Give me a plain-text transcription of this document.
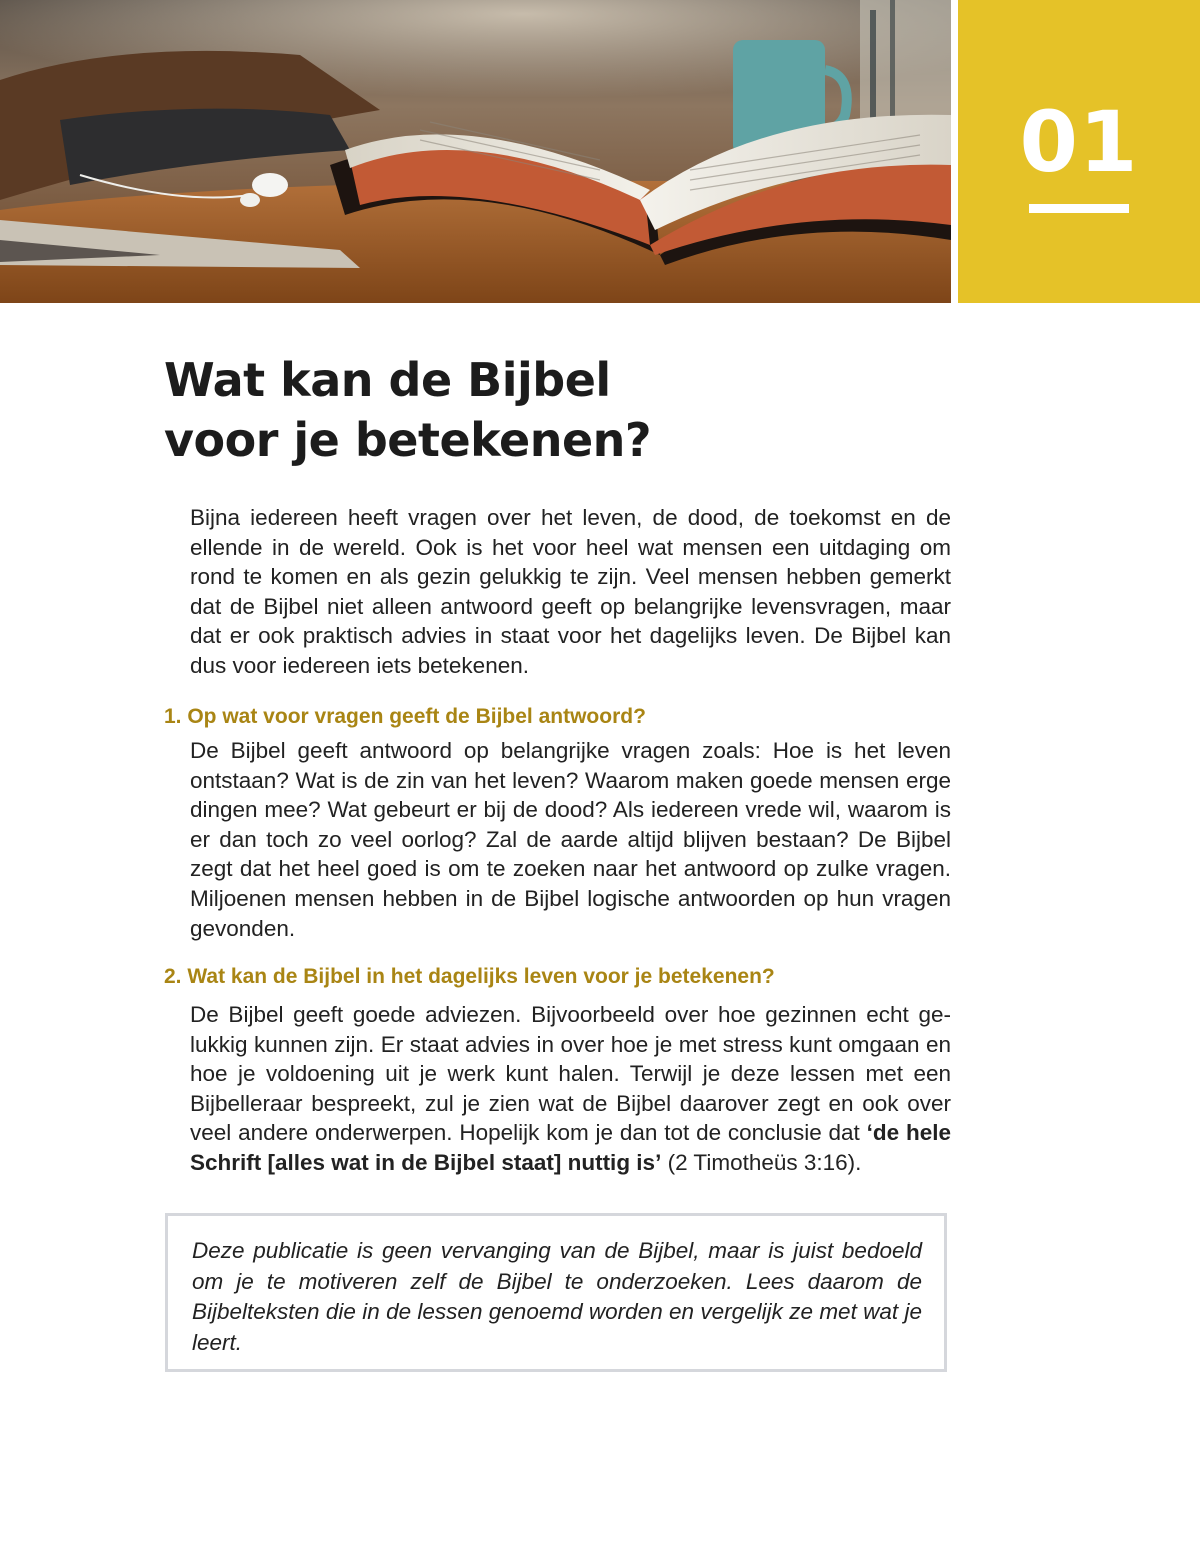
01
Wat kan de Bijbel
voor je betekenen?

Bijna iedereen heeft vragen over het leven, de dood, de toekomst en de ellende in de wereld. Ook is het voor heel wat mensen een uitdaging om rond te komen en als gezin gelukkig te zijn. Veel mensen hebben gemerkt dat de Bijbel niet alleen antwoord geeft op belangrijke levensvragen, maar dat er ook praktisch advies in staat voor het dagelijks leven. De Bijbel kan dus voor iedereen iets betekenen.

1. Op wat voor vragen geeft de Bijbel antwoord?

De Bijbel geeft antwoord op belangrijke vragen zoals: Hoe is het leven ontstaan? Wat is de zin van het leven? Waarom maken goede mensen erge dingen mee? Wat gebeurt er bij de dood? Als iedereen vrede wil, waarom is er dan toch zo veel oorlog? Zal de aarde altijd blijven bestaan? De Bijbel zegt dat het heel goed is om te zoeken naar het antwoord op zulke vragen. Miljoenen mensen hebben in de Bijbel logische antwoorden op hun vragen gevonden.

2. Wat kan de Bijbel in het dagelijks leven voor je betekenen?

De Bijbel geeft goede adviezen. Bijvoorbeeld over hoe gezinnen echt gelukkig kunnen zijn. Er staat advies in over hoe je met stress kunt omgaan en hoe je voldoening uit je werk kunt halen. Terwijl je deze lessen met een Bijbelleraar bespreekt, zul je zien wat de Bijbel daarover zegt en ook over veel andere onderwerpen. Hopelijk kom je dan tot de conclusie dat ‘de hele Schrift [alles wat in de Bijbel staat] nuttig is’ (2 Timotheüs 3:16).

Deze publicatie is geen vervanging van de Bijbel, maar is juist bedoeld om je te motiveren zelf de Bijbel te onderzoeken. Lees daarom de Bijbelteksten die in de lessen genoemd worden en vergelijk ze met wat je leert.
